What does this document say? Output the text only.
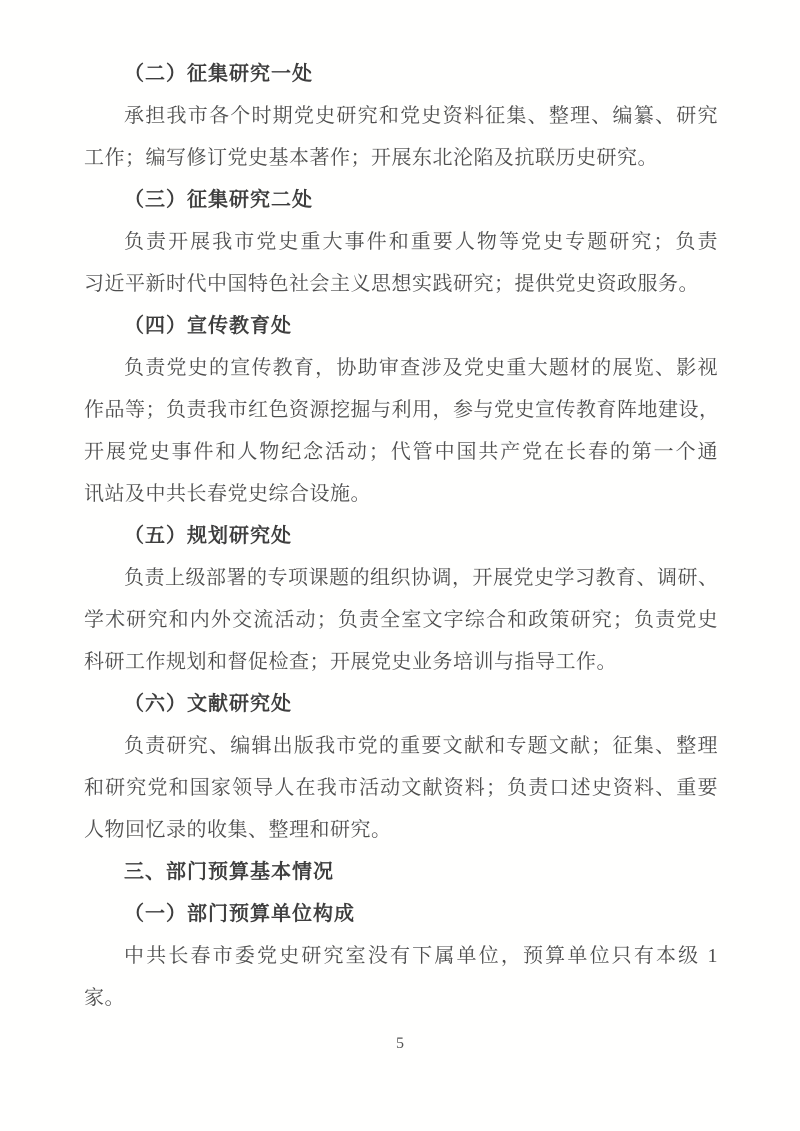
（二）征集研究一处
承担我市各个时期党史研究和党史资料征集、整理、编纂、研究
工作；编写修订党史基本著作；开展东北沦陷及抗联历史研究。
（三）征集研究二处
负责开展我市党史重大事件和重要人物等党史专题研究；负责
习近平新时代中国特色社会主义思想实践研究；提供党史资政服务。
（四）宣传教育处
负责党史的宣传教育，协助审查涉及党史重大题材的展览、影视
作品等；负责我市红色资源挖掘与利用，参与党史宣传教育阵地建设，
开展党史事件和人物纪念活动；代管中国共产党在长春的第一个通
讯站及中共长春党史综合设施。
（五）规划研究处
负责上级部署的专项课题的组织协调，开展党史学习教育、调研、
学术研究和内外交流活动；负责全室文字综合和政策研究；负责党史
科研工作规划和督促检查；开展党史业务培训与指导工作。
（六）文献研究处
负责研究、编辑出版我市党的重要文献和专题文献；征集、整理
和研究党和国家领导人在我市活动文献资料；负责口述史资料、重要
人物回忆录的收集、整理和研究。
三、部门预算基本情况
（一）部门预算单位构成
中共长春市委党史研究室没有下属单位，预算单位只有本级 1
家。
5
